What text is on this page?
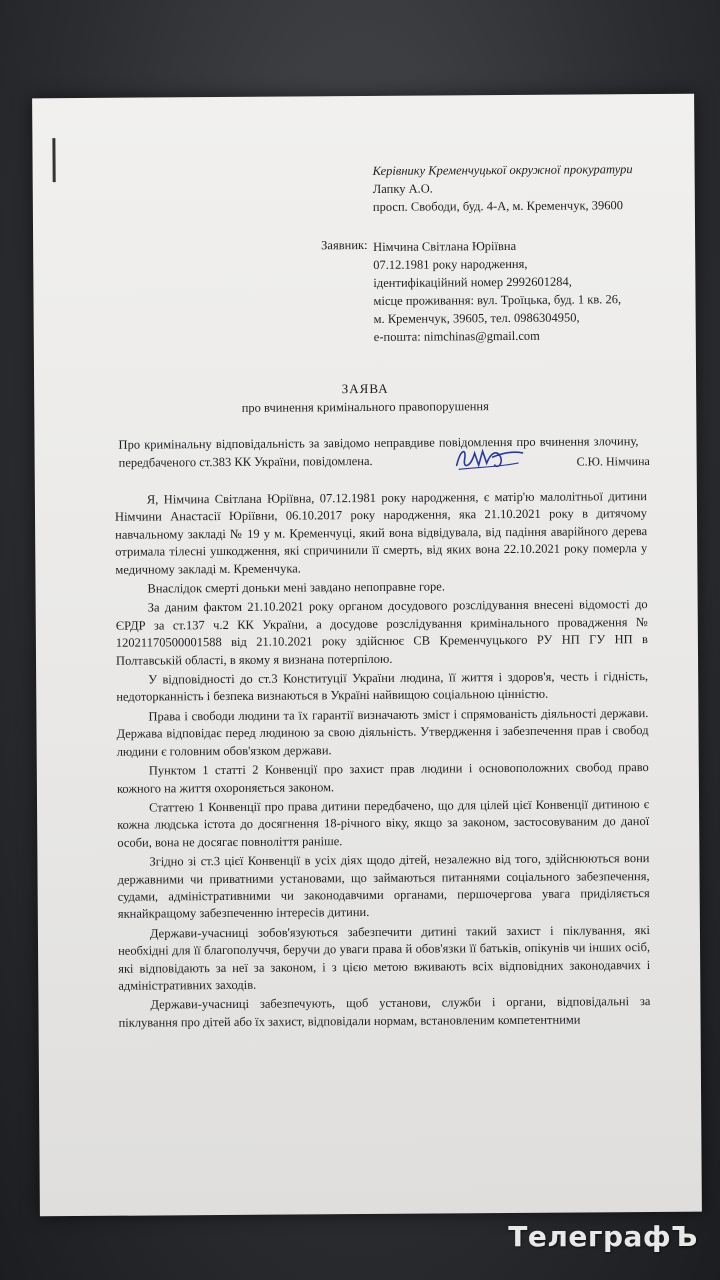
Керівнику Кременчуцької окружної прокуратури
Лапку А.О.
просп. Свободи, буд. 4-А, м. Кременчук, 39600
Заявник: Німчина Світлана Юріївна
07.12.1981 року народження,
ідентифікаційний номер 2992601284,
місце проживання: вул. Троїцька, буд. 1 кв. 26,
м. Кременчук, 39605, тел. 0986304950,
е-пошта: nimchinas@gmail.com
ЗАЯВА
про вчинення кримінального правопорушення
Про кримінальну відповідальність за завідомо неправдиве повідомлення про вчинення злочину, передбаченого ст.383 КК України, повідомлена.	С.Ю. Німчина

Я, Німчина Світлана Юріївна, 07.12.1981 року народження, є матір'ю малолітньої дитини Німчини Анастасії Юріївни, 06.10.2017 року народження, яка 21.10.2021 року в дитячому навчальному закладі № 19 у м. Кременчуці, який вона відвідувала, від падіння аварійного дерева отримала тілесні ушкодження, які спричинили її смерть, від яких вона 22.10.2021 року померла у медичному закладі м. Кременчука.

Внаслідок смерті доньки мені завдано непоправне горе.

За даним фактом 21.10.2021 року органом досудового розслідування внесені відомості до ЄРДР за ст.137 ч.2 КК України, а досудове розслідування кримінального провадження № 12021170500001588 від 21.10.2021 року здійснює СВ Кременчуцького РУ НП ГУ НП в Полтавській області, в якому я визнана потерпілою.

У відповідності до ст.3 Конституції України людина, її життя і здоров'я, честь і гідність, недоторканність і безпека визнаються в Україні найвищою соціальною цінністю.

Права і свободи людини та їх гарантії визначають зміст і спрямованість діяльності держави. Держава відповідає перед людиною за свою діяльність. Утвердження і забезпечення прав і свобод людини є головним обов'язком держави.

Пунктом 1 статті 2 Конвенції про захист прав людини і основоположних свобод право кожного на життя охороняється законом.

Статтею 1 Конвенції про права дитини передбачено, що для цілей цієї Конвенції дитиною є кожна людська істота до досягнення 18-річного віку, якщо за законом, застосовуваним до даної особи, вона не досягає повноліття раніше.

Згідно зі ст.3 цієї Конвенції в усіх діях щодо дітей, незалежно від того, здійснюються вони державними чи приватними установами, що займаються питаннями соціального забезпечення, судами, адміністративними чи законодавчими органами, першочергова увага приділяється якнайкращому забезпеченню інтересів дитини.

Держави-учасниці зобов'язуються забезпечити дитині такий захист і піклування, які необхідні для її благополуччя, беручи до уваги права й обов'язки її батьків, опікунів чи інших осіб, які відповідають за неї за законом, і з цією метою вживають всіх відповідних законодавчих і адміністративних заходів.

Держави-учасниці забезпечують, щоб установи, служби і органи, відповідальні за піклування про дітей або їх захист, відповідали нормам, встановленим компетентними

ТелеграфЪ
